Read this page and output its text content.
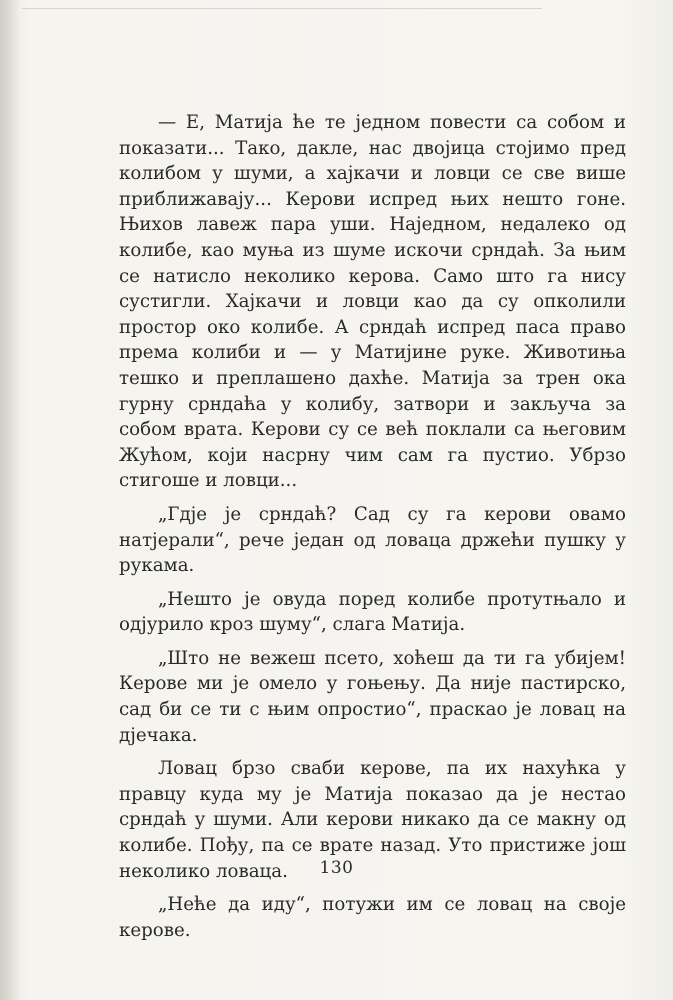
— Е, Матија ће те једном повести са собом и показати... Тако, дакле, нас двојица стојимо пред колибом у шуми, а хајкачи и ловци се све више приближавају... Керови испред њих нешто гоне. Њихов лавеж пара уши. Наједном, недалеко од колибе, као муња из шуме искочи срндаћ. За њим се натисло неколико керова. Само што га нису сустигли. Хајкачи и ловци као да су опколили простор око колибе. А срндаћ испред паса право према колиби и — у Матијине руке. Животиња тешко и преплашено дахће. Матија за трен ока гурну срндаћа у колибу, затвори и закључа за собом врата. Керови су се већ поклали са његовим Жућом, који насрну чим сам га пустио. Убрзо стигоше и ловци...

„Гдје је срндаћ? Сад су га керови овамо натјерали“, рече један од ловаца држећи пушку у рукама.

„Нешто је овуда поред колибе протутњало и одјурило кроз шуму“, слага Матија.

„Што не вежеш псето, хоћеш да ти га убијем! Керове ми је омело у гоњењу. Да није пастирско, сад би се ти с њим опростио“, праскао је ловац на дјечака.

Ловац брзо сваби керове, па их нахућка у правцу куда му је Матија показао да је нестао срндаћ у шуми. Али керови никако да се макну од колибе. Пођу, па се врате назад. Уто пристиже још неколико ловаца.

„Неће да иду“, потужи им се ловац на своје керове.

130
